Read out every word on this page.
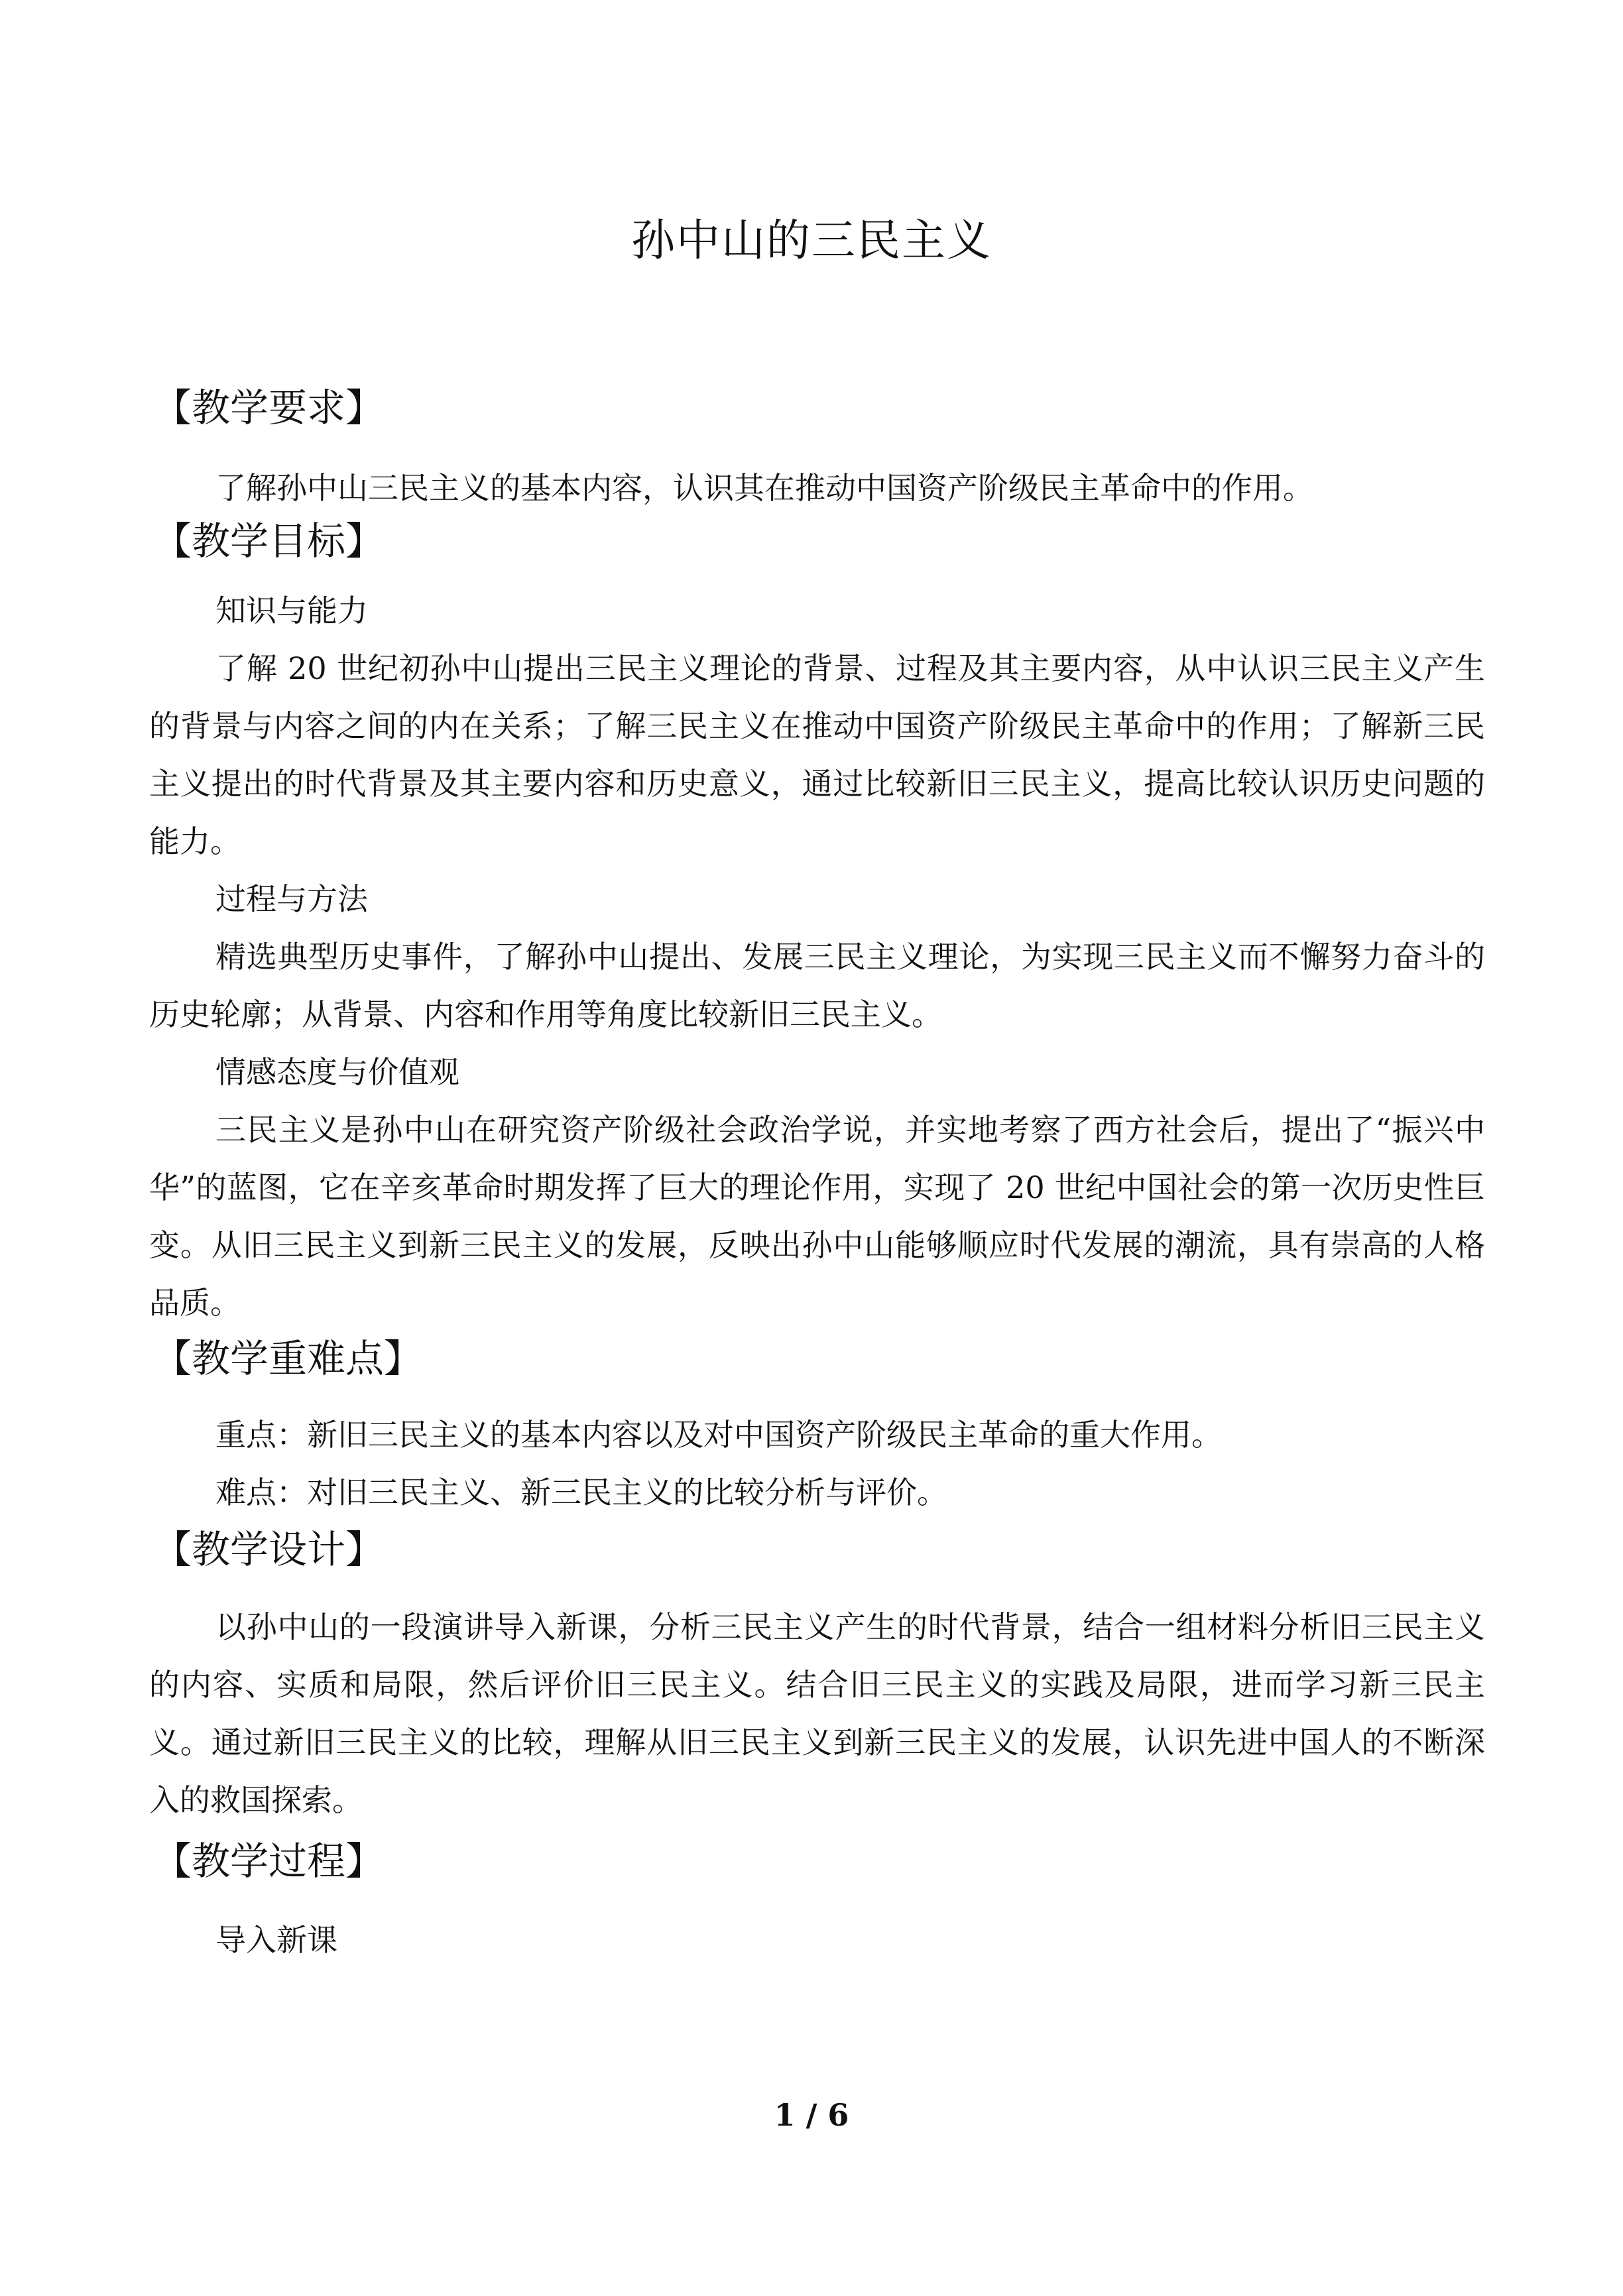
孙中山的三民主义
【教学要求】

了解孙中山三民主义的基本内容，认识其在推动中国资产阶级民主革命中的作用。

【教学目标】

知识与能力

了解 20 世纪初孙中山提出三民主义理论的背景、过程及其主要内容，从中认识三民主义产生的背景与内容之间的内在关系；了解三民主义在推动中国资产阶级民主革命中的作用；了解新三民主义提出的时代背景及其主要内容和历史意义，通过比较新旧三民主义，提高比较认识历史问题的能力。

过程与方法

精选典型历史事件，了解孙中山提出、发展三民主义理论，为实现三民主义而不懈努力奋斗的历史轮廓；从背景、内容和作用等角度比较新旧三民主义。

情感态度与价值观

三民主义是孙中山在研究资产阶级社会政治学说，并实地考察了西方社会后，提出了“振兴中华”的蓝图，它在辛亥革命时期发挥了巨大的理论作用，实现了 20 世纪中国社会的第一次历史性巨变。从旧三民主义到新三民主义的发展，反映出孙中山能够顺应时代发展的潮流，具有崇高的人格品质。

【教学重难点】

重点：新旧三民主义的基本内容以及对中国资产阶级民主革命的重大作用。

难点：对旧三民主义、新三民主义的比较分析与评价。

【教学设计】

以孙中山的一段演讲导入新课，分析三民主义产生的时代背景，结合一组材料分析旧三民主义的内容、实质和局限，然后评价旧三民主义。结合旧三民主义的实践及局限，进而学习新三民主义。通过新旧三民主义的比较，理解从旧三民主义到新三民主义的发展，认识先进中国人的不断深入的救国探索。

【教学过程】

导入新课

1 / 6
